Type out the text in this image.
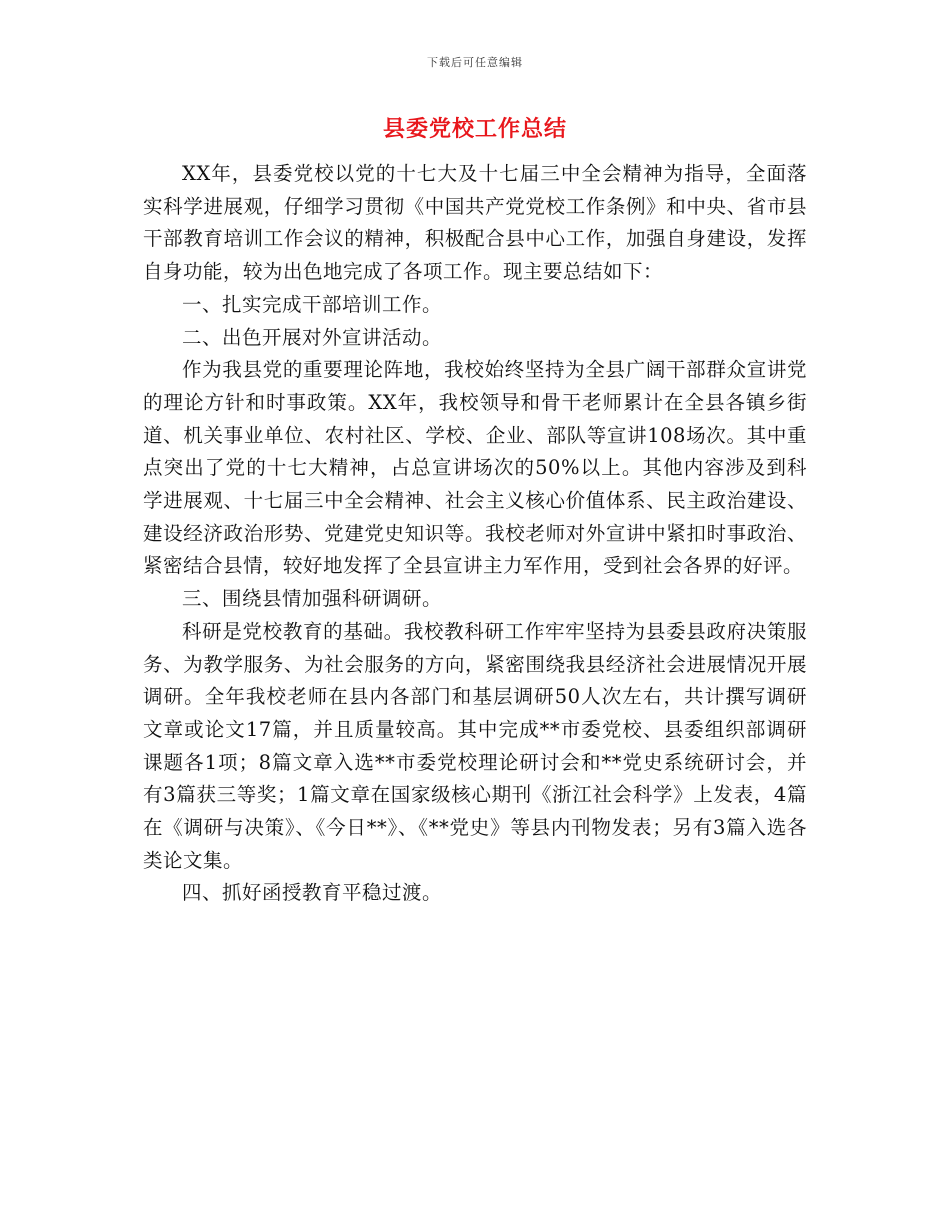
下载后可任意编辑
县委党校工作总结

XX年，县委党校以党的十七大及十七届三中全会精神为指导，全面落实科学进展观，仔细学习贯彻《中国共产党党校工作条例》和中央、省市县干部教育培训工作会议的精神，积极配合县中心工作，加强自身建设，发挥自身功能，较为出色地完成了各项工作。现主要总结如下：

一、扎实完成干部培训工作。

二、出色开展对外宣讲活动。

作为我县党的重要理论阵地，我校始终坚持为全县广阔干部群众宣讲党的理论方针和时事政策。XX年，我校领导和骨干老师累计在全县各镇乡街道、机关事业单位、农村社区、学校、企业、部队等宣讲108场次。其中重点突出了党的十七大精神，占总宣讲场次的50%以上。其他内容涉及到科学进展观、十七届三中全会精神、社会主义核心价值体系、民主政治建设、建设经济政治形势、党建党史知识等。我校老师对外宣讲中紧扣时事政治、紧密结合县情，较好地发挥了全县宣讲主力军作用，受到社会各界的好评。

三、围绕县情加强科研调研。

科研是党校教育的基础。我校教科研工作牢牢坚持为县委县政府决策服务、为教学服务、为社会服务的方向，紧密围绕我县经济社会进展情况开展调研。全年我校老师在县内各部门和基层调研50人次左右，共计撰写调研文章或论文17篇，并且质量较高。其中完成**市委党校、县委组织部调研课题各1项；8篇文章入选**市委党校理论研讨会和**党史系统研讨会，并有3篇获三等奖；1篇文章在国家级核心期刊《浙江社会科学》上发表，4篇在《调研与决策》、《今日**》、《**党史》等县内刊物发表；另有3篇入选各类论文集。

四、抓好函授教育平稳过渡。
